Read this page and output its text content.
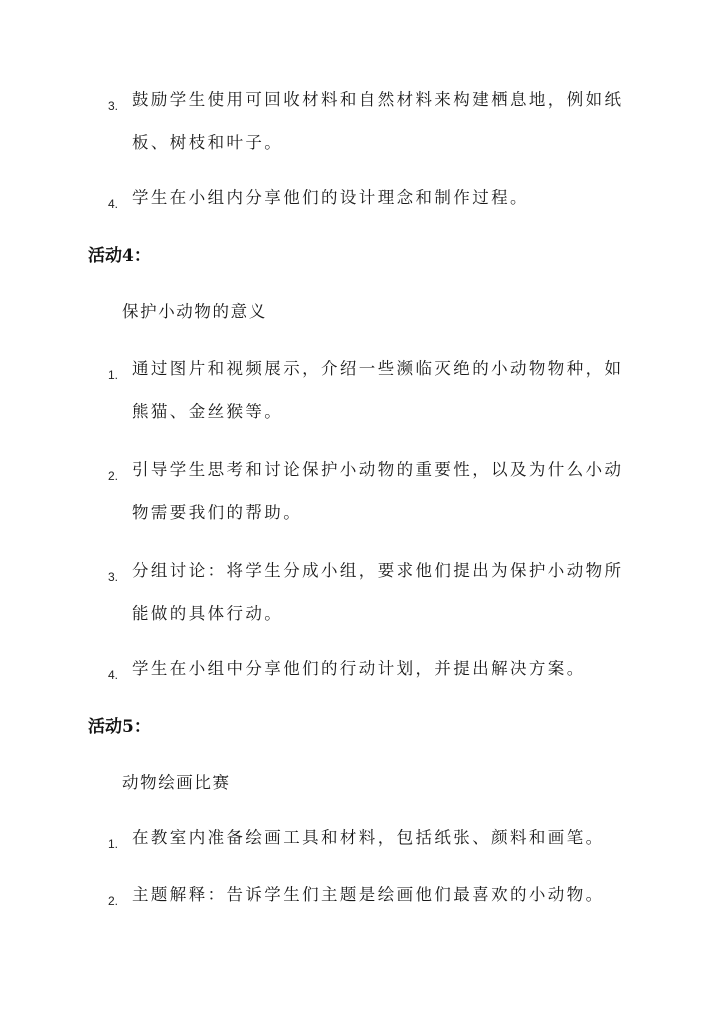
3. 鼓励学生使用可回收材料和自然材料来构建栖息地，例如纸
板、树枝和叶子。
4. 学生在小组内分享他们的设计理念和制作过程。
活动4：
保护小动物的意义
1. 通过图片和视频展示，介绍一些濒临灭绝的小动物物种，如
熊猫、金丝猴等。
2. 引导学生思考和讨论保护小动物的重要性，以及为什么小动
物需要我们的帮助。
3. 分组讨论：将学生分成小组，要求他们提出为保护小动物所
能做的具体行动。
4. 学生在小组中分享他们的行动计划，并提出解决方案。
活动5：
动物绘画比赛
1. 在教室内准备绘画工具和材料，包括纸张、颜料和画笔。
2. 主题解释：告诉学生们主题是绘画他们最喜欢的小动物。
